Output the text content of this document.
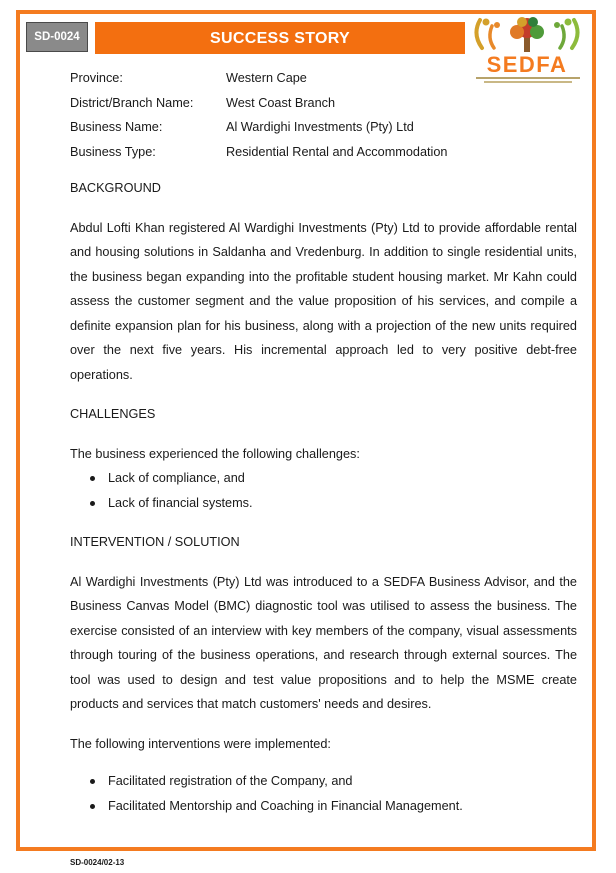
SD-0024	SUCCESS STORY
SEDFA
Province:	Western Cape
District/Branch Name:	West Coast Branch
Business Name:	Al Wardighi Investments (Pty) Ltd
Business Type:	Residential Rental and Accommodation

BACKGROUND

Abdul Lofti Khan registered Al Wardighi Investments (Pty) Ltd to provide affordable rental and housing solutions in Saldanha and Vredenburg. In addition to single residential units, the business began expanding into the profitable student housing market. Mr Kahn could assess the customer segment and the value proposition of his services, and compile a definite expansion plan for his business, along with a projection of the new units required over the next five years. His incremental approach led to very positive debt-free operations.

CHALLENGES

The business experienced the following challenges:

Lack of compliance, and
Lack of financial systems.

INTERVENTION / SOLUTION

Al Wardighi Investments (Pty) Ltd was introduced to a SEDFA Business Advisor, and the Business Canvas Model (BMC) diagnostic tool was utilised to assess the business. The exercise consisted of an interview with key members of the company, visual assessments through touring of the business operations, and research through external sources. The tool was used to design and test value propositions and to help the MSME create products and services that match customers' needs and desires.

The following interventions were implemented:

Facilitated registration of the Company, and
Facilitated Mentorship and Coaching in Financial Management.
SD-0024/02-13
